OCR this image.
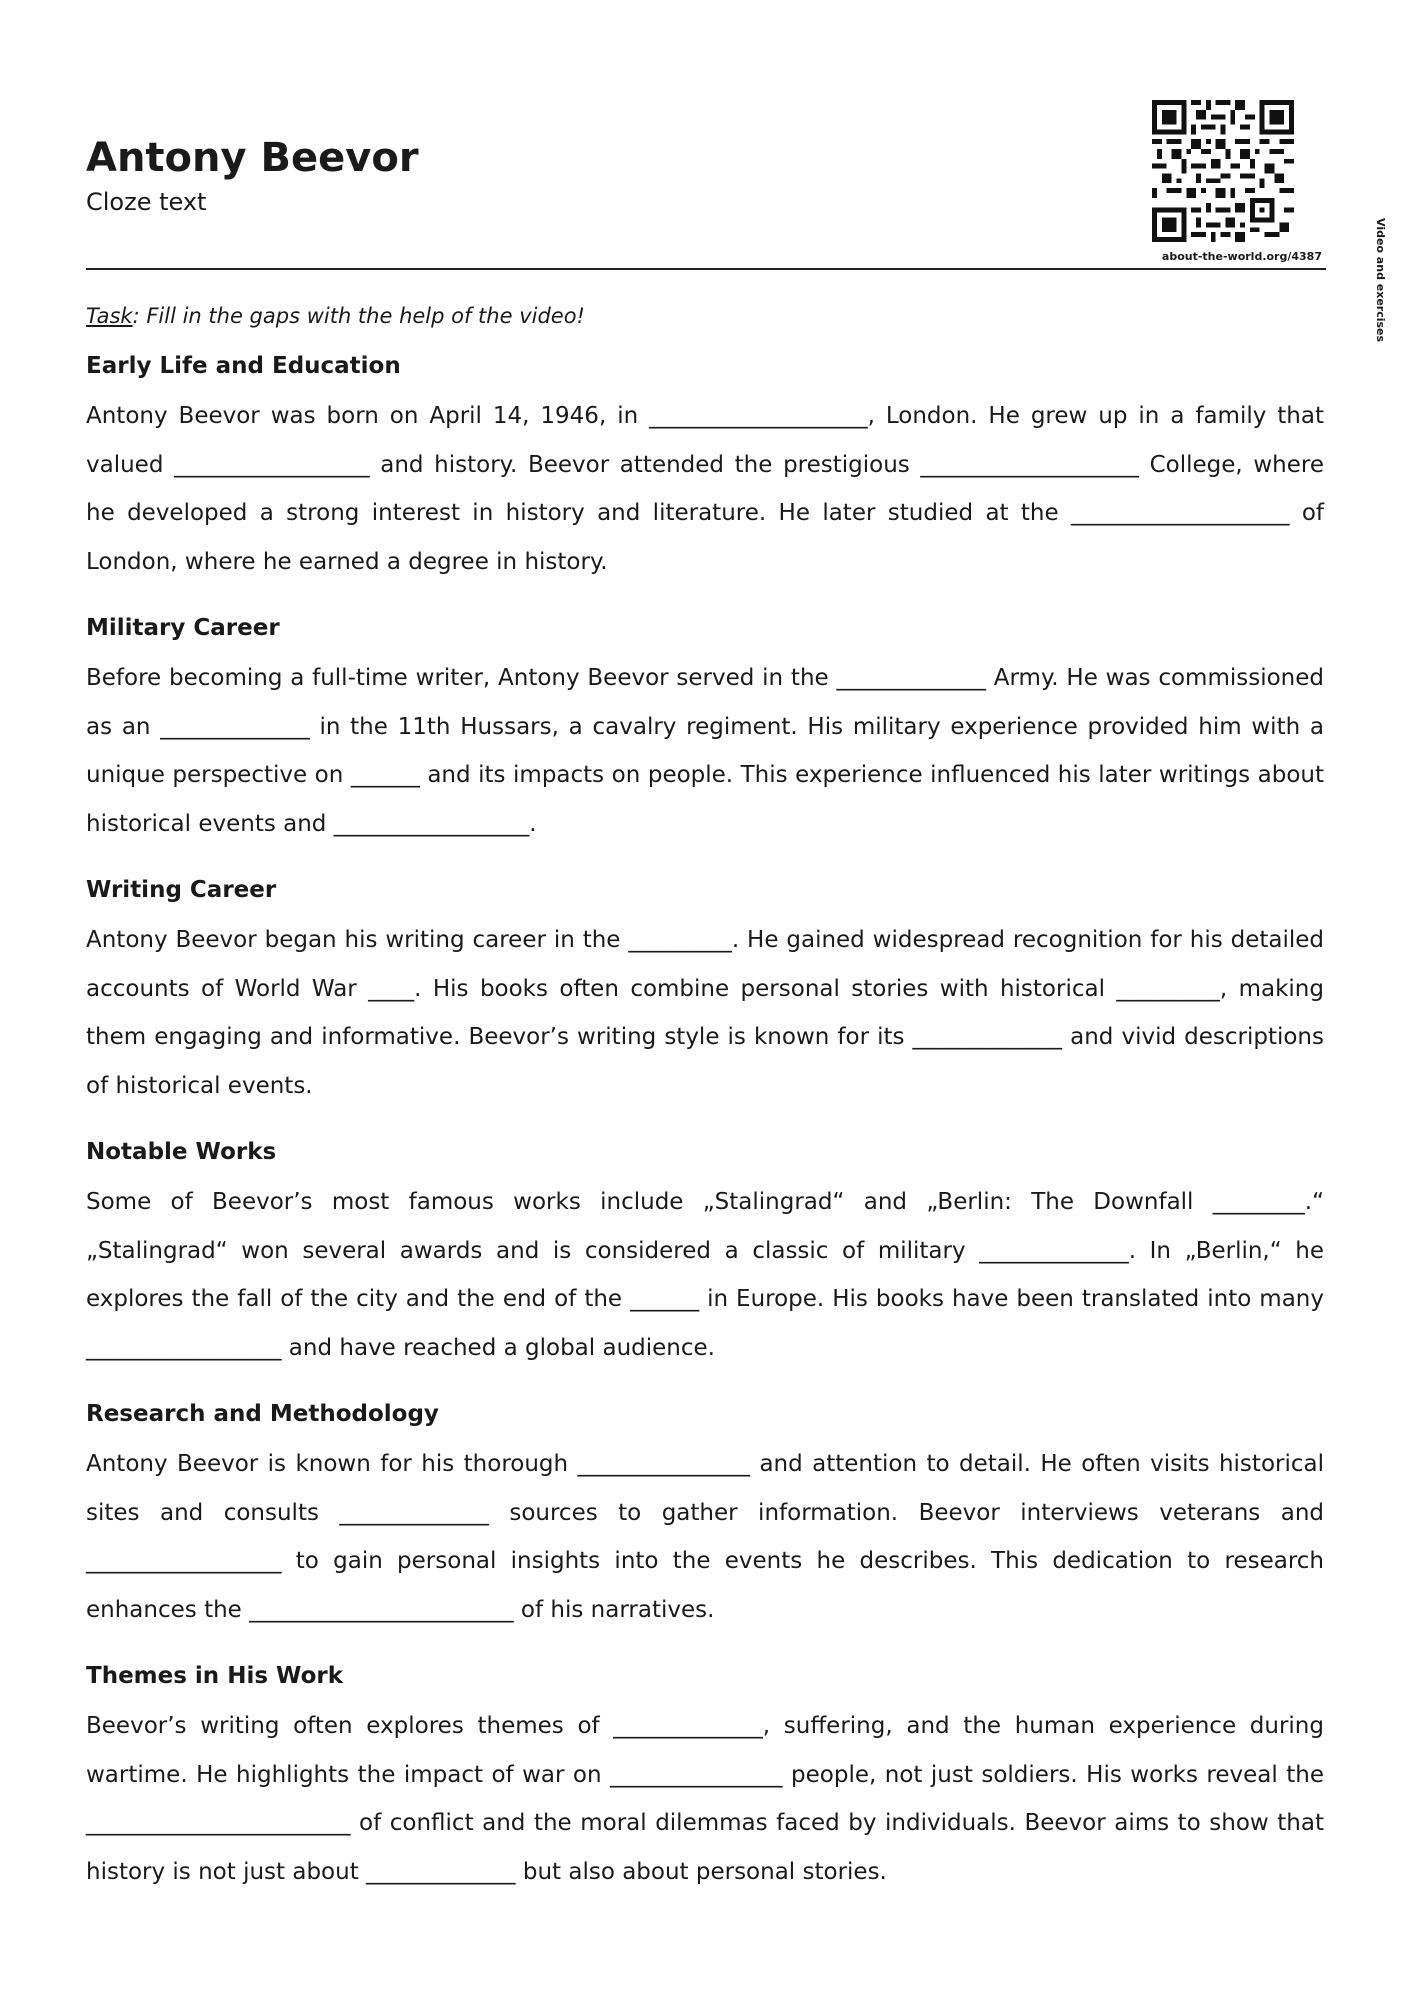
Antony Beevor
Cloze text
Video and exercises
about-the-world.org/4387

Task: Fill in the gaps with the help of the video!

Early Life and Education

Antony Beevor was born on April 14, 1946, in ___________________, London. He grew up in a family that valued _________________ and history. Beevor attended the prestigious ___________________ College, where he developed a strong interest in history and literature. He later studied at the ___________________ of London, where he earned a degree in history.

Military Career

Before becoming a full-time writer, Antony Beevor served in the _____________ Army. He was commissioned as an _____________ in the 11th Hussars, a cavalry regiment. His military experience provided him with a unique perspective on ______ and its impacts on people. This experience influenced his later writings about historical events and _________________.

Writing Career

Antony Beevor began his writing career in the _________. He gained widespread recognition for his detailed accounts of World War ____. His books often combine personal stories with historical _________, making them engaging and informative. Beevor’s writing style is known for its _____________ and vivid descriptions of historical events.

Notable Works

Some of Beevor’s most famous works include „Stalingrad“ and „Berlin: The Downfall ________.“ „Stalingrad“ won several awards and is considered a classic of military _____________. In „Berlin,“ he explores the fall of the city and the end of the ______ in Europe. His books have been translated into many _________________ and have reached a global audience.

Research and Methodology

Antony Beevor is known for his thorough _______________ and attention to detail. He often visits historical sites and consults _____________ sources to gather information. Beevor interviews veterans and _________________ to gain personal insights into the events he describes. This dedication to research enhances the _______________________ of his narratives.

Themes in His Work

Beevor’s writing often explores themes of _____________, suffering, and the human experience during wartime. He highlights the impact of war on _______________ people, not just soldiers. His works reveal the _______________________ of conflict and the moral dilemmas faced by individuals. Beevor aims to show that history is not just about _____________ but also about personal stories.
